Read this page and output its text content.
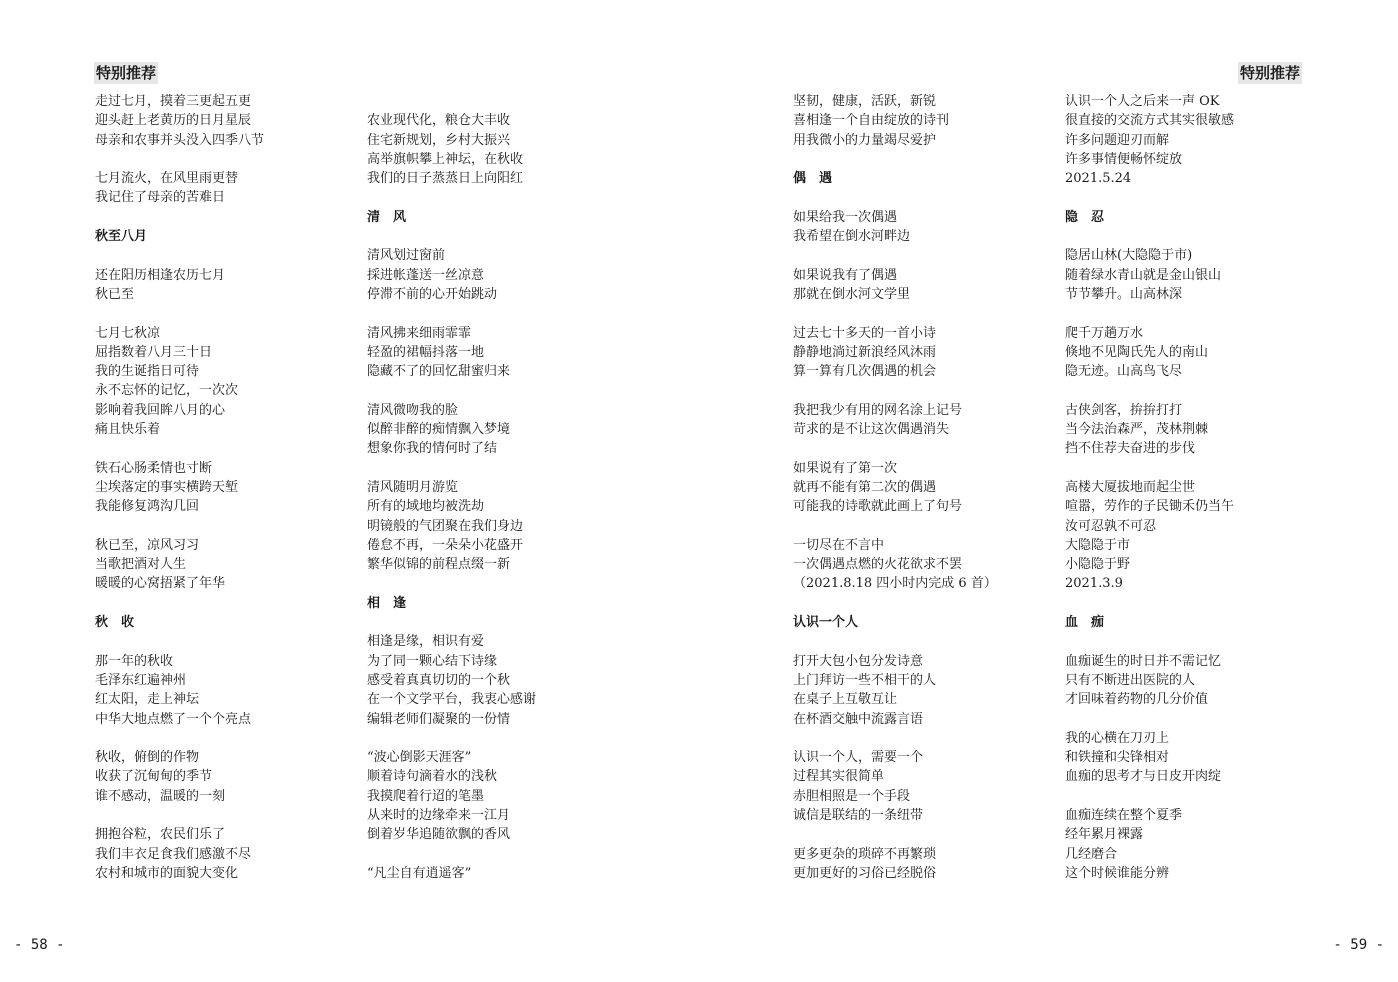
特别推荐	特别推荐
走过七月，摸着三更起五更
迎头赶上老黄历的日月星辰
母亲和农事并头没入四季八节
七月流火，在风里雨更替
我记住了母亲的苦难日
秋至八月
还在阳历相逢农历七月
秋已至
七月七秋凉
屈指数着八月三十日
我的生诞指日可待
永不忘怀的记忆，一次次
影响着我回眸八月的心
痛且快乐着
铁石心肠柔情也寸断
尘埃落定的事实横跨天堑
我能修复鸿沟几回
秋已至，凉风习习
当歌把酒对人生
暖暖的心窝捂紧了年华
秋　收
那一年的秋收
毛泽东红遍神州
红太阳，走上神坛
中华大地点燃了一个个亮点
秋收，俯倒的作物
收获了沉甸甸的季节
谁不感动，温暖的一刻
拥抱谷粒，农民们乐了
我们丰衣足食我们感激不尽
农村和城市的面貌大变化
农业现代化，粮仓大丰收
住宅新规划，乡村大振兴
高举旗帜攀上神坛，在秋收
我们的日子蒸蒸日上向阳红
清　风
清风划过窗前
採进帐蓬送一丝凉意
停滞不前的心开始跳动
清风拂来细雨霏霏
轻盈的裙幅抖落一地
隐藏不了的回忆甜蜜归来
清风微吻我的脸
似醉非醉的痴情飘入梦境
想象你我的情何时了结
清风随明月游览
所有的域地均被洗劫
明镜般的气团聚在我们身边
倦怠不再，一朵朵小花盛开
繁华似锦的前程点缀一新
相　逢
相逢是缘，相识有爱
为了同一颗心结下诗缘
感受着真真切切的一个秋
在一个文学平台，我衷心感谢
编辑老师们凝聚的一份情
“波心倒影天涯客”
顺着诗句滴着水的浅秋
我摸爬着行迢的笔墨
从来时的边缘牵来一江月
倒着岁华追随欲飘的香风
“凡尘自有逍遥客”
坚韧，健康，活跃，新锐
喜相逢一个自由绽放的诗刊
用我微小的力量竭尽爱护
偶　遇
如果给我一次偶遇
我希望在倒水河畔边
如果说我有了偶遇
那就在倒水河文学里
过去七十多天的一首小诗
静静地淌过新浪经风沐雨
算一算有几次偶遇的机会
我把我少有用的网名涂上记号
苛求的是不让这次偶遇消失
如果说有了第一次
就再不能有第二次的偶遇
可能我的诗歌就此画上了句号
一切尽在不言中
一次偶遇点燃的火花欲求不罢
（2021.8.18 四小时内完成 6 首）
认识一个人
打开大包小包分发诗意
上门拜访一些不相干的人
在桌子上互敬互让
在杯酒交触中流露言语
认识一个人，需要一个
过程其实很简单
赤胆相照是一个手段
诚信是联结的一条纽带
更多更杂的琐碎不再繁琐
更加更好的习俗已经脱俗
认识一个人之后来一声 OK
很直接的交流方式其实很敏感
许多问题迎刃而解
许多事情便畅怀绽放
2021.5.24
隐　忍
隐居山林(大隐隐于市)
随着绿水青山就是金山银山
节节攀升。山高林深
爬千万趟万水
倏地不见陶氏先人的南山
隐无迹。山高鸟飞尽
古侠剑客，拚拚打打
当今法治森严，茂林荆棘
挡不住荐夫奋进的步伐
高楼大厦拔地而起尘世
喧嚣，劳作的子民锄禾仍当午
汝可忍孰不可忍
大隐隐于市
小隐隐于野
2021.3.9
血　痂
血痂诞生的时日并不需记忆
只有不断进出医院的人
才回味着药物的几分价值
我的心横在刀刃上
和铁撞和尖锋相对
血痂的思考才与日皮开肉绽
血痂连续在整个夏季
经年累月裸露
几经磨合
这个时候谁能分辨
- 58 -	- 59 -
